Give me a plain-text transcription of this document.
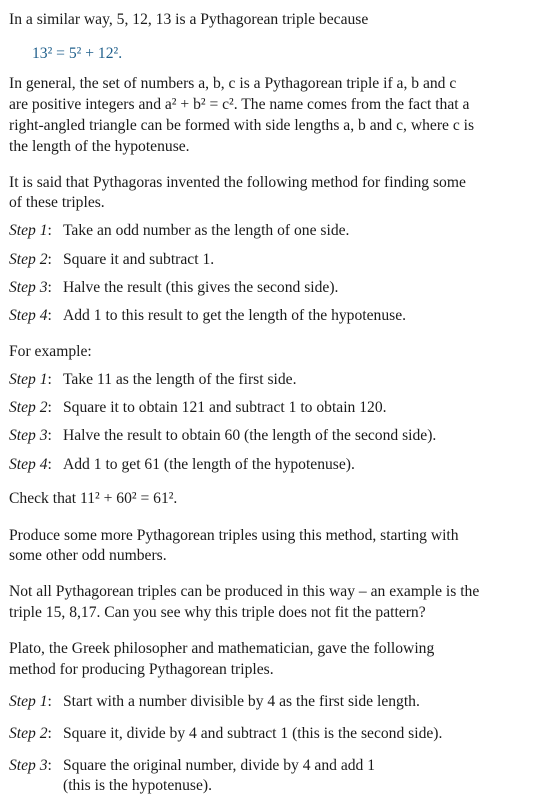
In a similar way, 5, 12, 13 is a Pythagorean triple because
13² = 5² + 12².
In general, the set of numbers a, b, c is a Pythagorean triple if a, b and c
are positive integers and a² + b² = c². The name comes from the fact that a
right-angled triangle can be formed with side lengths a, b and c, where c is
the length of the hypotenuse.
It is said that Pythagoras invented the following method for finding some
of these triples.
Step 1: Take an odd number as the length of one side.
Step 2: Square it and subtract 1.
Step 3: Halve the result (this gives the second side).
Step 4: Add 1 to this result to get the length of the hypotenuse.
For example:
Step 1: Take 11 as the length of the first side.
Step 2: Square it to obtain 121 and subtract 1 to obtain 120.
Step 3: Halve the result to obtain 60 (the length of the second side).
Step 4: Add 1 to get 61 (the length of the hypotenuse).
Check that 11² + 60² = 61².
Produce some more Pythagorean triples using this method, starting with
some other odd numbers.
Not all Pythagorean triples can be produced in this way – an example is the
triple 15, 8,17. Can you see why this triple does not fit the pattern?
Plato, the Greek philosopher and mathematician, gave the following
method for producing Pythagorean triples.
Step 1: Start with a number divisible by 4 as the first side length.
Step 2: Square it, divide by 4 and subtract 1 (this is the second side).
Step 3: Square the original number, divide by 4 and add 1
(this is the hypotenuse).
